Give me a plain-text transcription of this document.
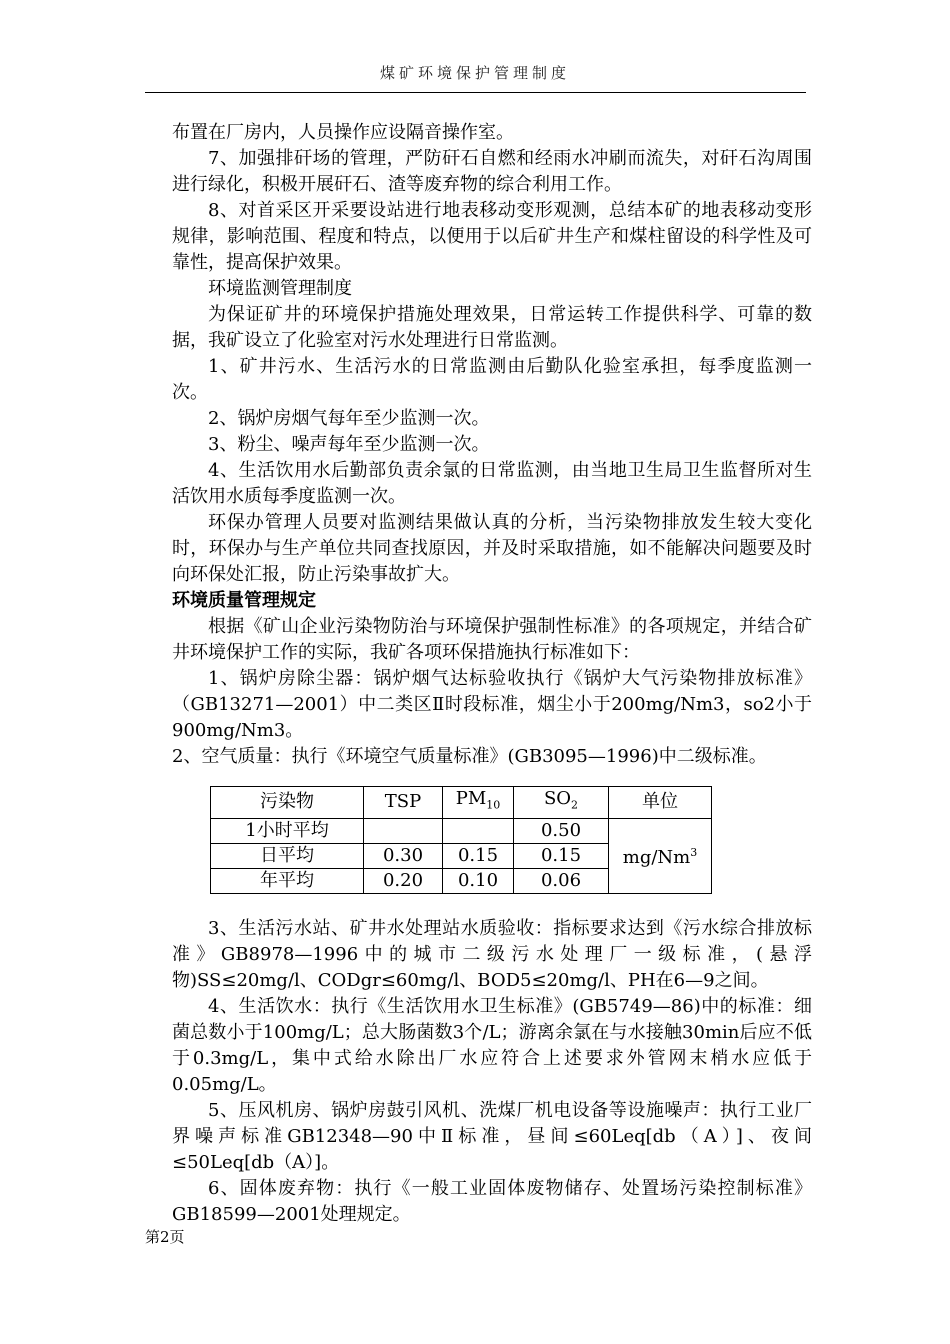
煤矿环境保护管理制度

布置在厂房内，人员操作应设隔音操作室。

7、加强排矸场的管理，严防矸石自燃和经雨水冲刷而流失，对矸石沟周围进行绿化，积极开展矸石、渣等废弃物的综合利用工作。

8、对首采区开采要设站进行地表移动变形观测，总结本矿的地表移动变形规律，影响范围、程度和特点，以便用于以后矿井生产和煤柱留设的科学性及可靠性，提高保护效果。

环境监测管理制度

为保证矿井的环境保护措施处理效果，日常运转工作提供科学、可靠的数据，我矿设立了化验室对污水处理进行日常监测。

1、矿井污水、生活污水的日常监测由后勤队化验室承担，每季度监测一次。

2、锅炉房烟气每年至少监测一次。

3、粉尘、噪声每年至少监测一次。

4、生活饮用水后勤部负责余氯的日常监测，由当地卫生局卫生监督所对生活饮用水质每季度监测一次。

环保办管理人员要对监测结果做认真的分析，当污染物排放发生较大变化时，环保办与生产单位共同查找原因，并及时采取措施，如不能解决问题要及时向环保处汇报，防止污染事故扩大。

环境质量管理规定

根据《矿山企业污染物防治与环境保护强制性标准》的各项规定，并结合矿井环境保护工作的实际，我矿各项环保措施执行标准如下：

1、锅炉房除尘器：锅炉烟气达标验收执行《锅炉大气污染物排放标准》（GB13271—2001）中二类区Ⅱ时段标准，烟尘小于200mg/Nm3，so2小于900mg/Nm3。

2、空气质量：执行《环境空气质量标准》(GB3095—1996)中二级标准。

污染物	TSP	$PM_{10}$	$SO_2$	单位
1小时平均			0.50	mg/Nm$^3$
日平均	0.30	0.15	0.15	
年平均	0.20	0.10	0.06	

3、生活污水站、矿井水处理站水质验收：指标要求达到《污水综合排放标准》GB8978—1996中的城市二级污水处理厂一级标准，(悬浮物)SS≤20mg/l、CODgr≤60mg/l、BOD5≤20mg/l、PH在6—9之间。

4、生活饮水：执行《生活饮用水卫生标准》(GB5749—86)中的标准：细菌总数小于100mg/L；总大肠菌数3个/L；游离余氯在与水接触30min后应不低于0.3mg/L，集中式给水除出厂水应符合上述要求外管网末梢水应低于0.05mg/L。

5、压风机房、锅炉房鼓引风机、洗煤厂机电设备等设施噪声：执行工业厂界噪声标准GB12348—90中Ⅱ标准，昼间≤60Leq[db（A）]、夜间≤50Leq[db（A）]。

6、固体废弃物：执行《一般工业固体废物储存、处置场污染控制标准》GB18599—2001处理规定。

第2页
